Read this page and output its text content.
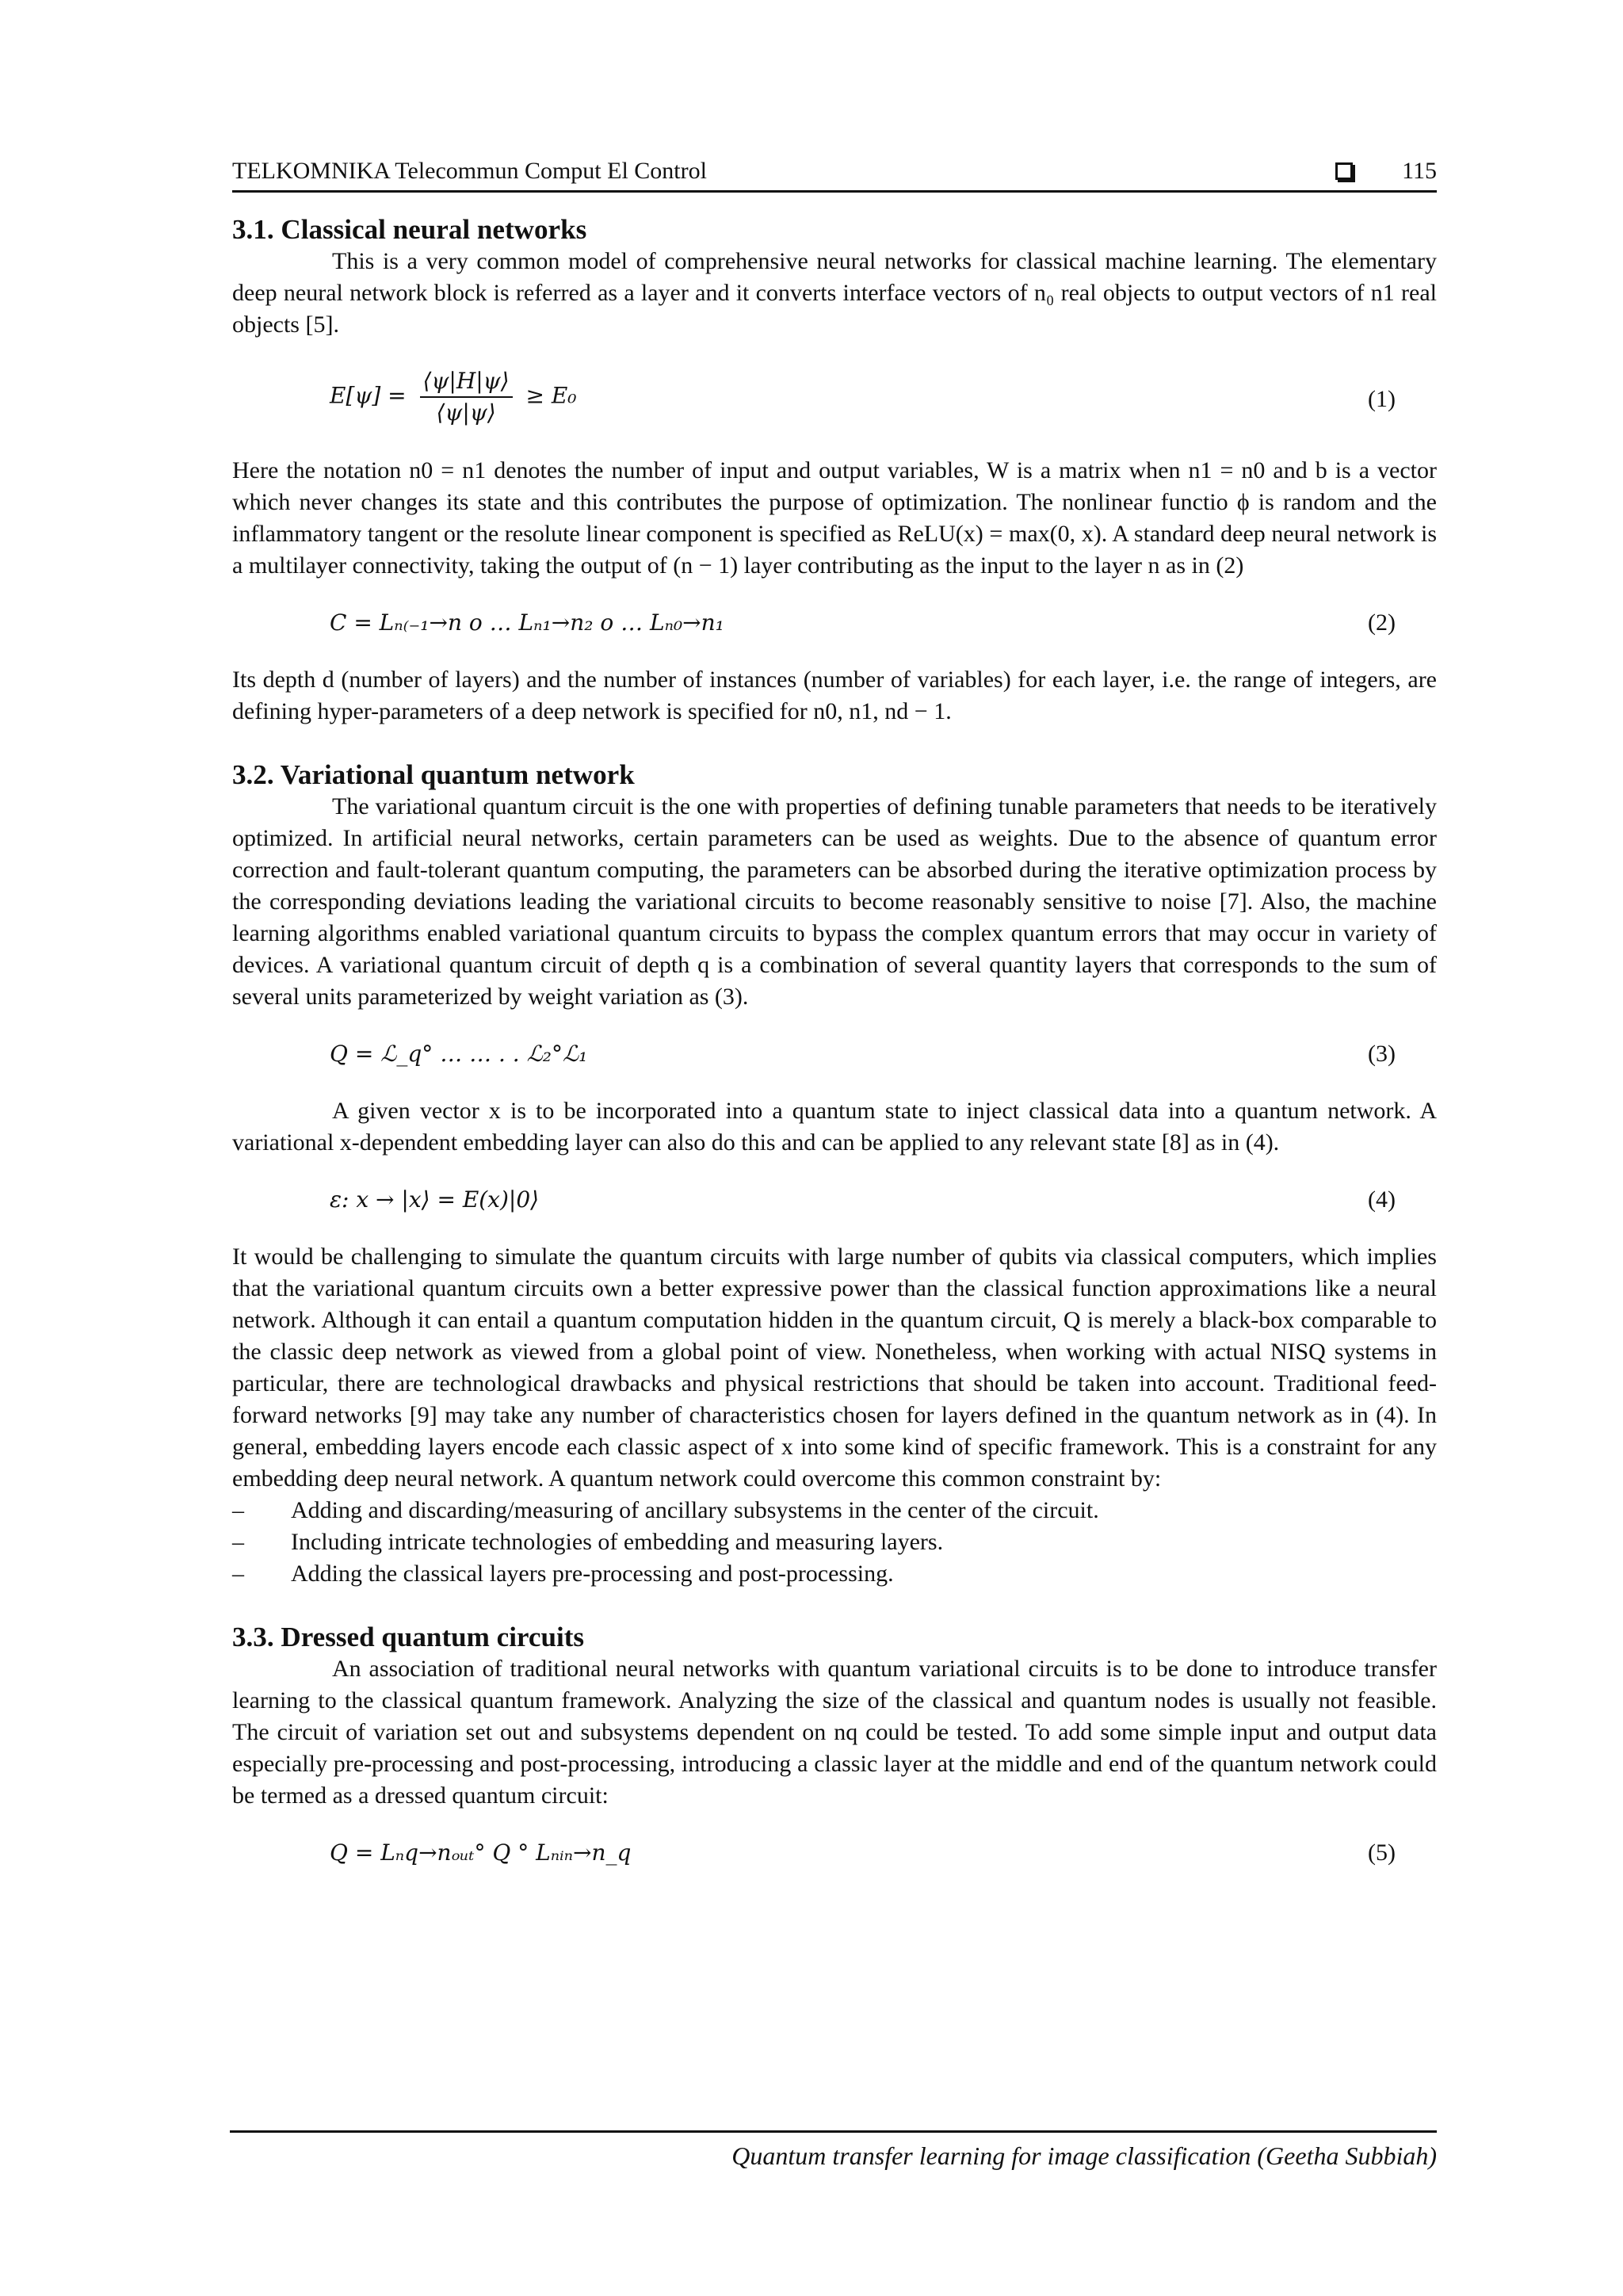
TELKOMNIKA Telecommun Comput El Control	115
3.1. Classical neural networks

This is a very common model of comprehensive neural networks for classical machine learning. The elementary deep neural network block is referred as a layer and it converts interface vectors of n₀ real objects to output vectors of n1 real objects [5].

$E[\psi] = \frac{⟨\psi|H|\psi⟩}{⟨\psi|\psi⟩} \ge E_0$	(1)

Here the notation n0 = n1 denotes the number of input and output variables, W is a matrix when n1 = n0 and b is a vector which never changes its state and this contributes the purpose of optimization. The nonlinear functio ϕ is random and the inflammatory tangent or the resolute linear component is specified as ReLU(x) = max(0, x). A standard deep neural network is a multilayer connectivity, taking the output of (n − 1) layer contributing as the input to the layer n as in (2)

C = Lₙ₍⁤₋₁→n⁤ o … Lₙ₁→n₂ o … Lₙ₀→n₁	(2)

Its depth d (number of layers) and the number of instances (number of variables) for each layer, i.e. the range of integers, are defining hyper-parameters of a deep network is specified for n0, n1, nd − 1.

3.2. Variational quantum network

The variational quantum circuit is the one with properties of defining tunable parameters that needs to be iteratively optimized. In artificial neural networks, certain parameters can be used as weights. Due to the absence of quantum error correction and fault-tolerant quantum computing, the parameters can be absorbed during the iterative optimization process by the corresponding deviations leading the variational circuits to become reasonably sensitive to noise [7]. Also, the machine learning algorithms enabled variational quantum circuits to bypass the complex quantum errors that may occur in variety of devices. A variational quantum circuit of depth q is a combination of several quantity layers that corresponds to the sum of several units parameterized by weight variation as (3).

Q = ℒ_q° … … . . ℒ₂°ℒ₁	(3)

A given vector x is to be incorporated into a quantum state to inject classical data into a quantum network. A variational x-dependent embedding layer can also do this and can be applied to any relevant state [8] as in (4).

ε: x → |x⟩ = E(x)|0⟩	(4)

It would be challenging to simulate the quantum circuits with large number of qubits via classical computers, which implies that the variational quantum circuits own a better expressive power than the classical function approximations like a neural network. Although it can entail a quantum computation hidden in the quantum circuit, Q is merely a black-box comparable to the classic deep network as viewed from a global point of view. Nonetheless, when working with actual NISQ systems in particular, there are technological drawbacks and physical restrictions that should be taken into account. Traditional feed-forward networks [9] may take any number of characteristics chosen for layers defined in the quantum network as in (4). In general, embedding layers encode each classic aspect of x into some kind of specific framework. This is a constraint for any embedding deep neural network. A quantum network could overcome this common constraint by:

– Adding and discarding/measuring of ancillary subsystems in the center of the circuit.
– Including intricate technologies of embedding and measuring layers.
– Adding the classical layers pre-processing and post-processing.
3.3. Dressed quantum circuits

An association of traditional neural networks with quantum variational circuits is to be done to introduce transfer learning to the classical quantum framework. Analyzing the size of the classical and quantum nodes is usually not feasible. The circuit of variation set out and subsystems dependent on nq could be tested. To add some simple input and output data especially pre-processing and post-processing, introducing a classic layer at the middle and end of the quantum network could be termed as a dressed quantum circuit:

Q = Lₙq→nₒᵤₜ° Q ° Lₙᵢₙ→n_q	(5)
Quantum transfer learning for image classification (Geetha Subbiah)
